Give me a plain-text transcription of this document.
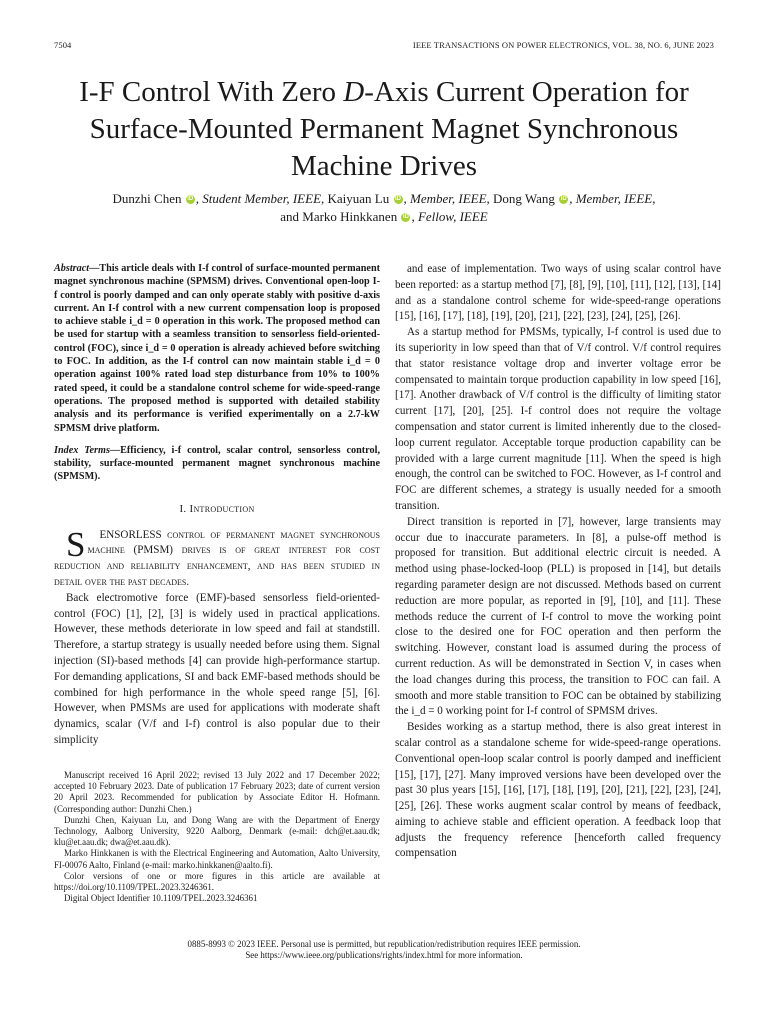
7504	IEEE TRANSACTIONS ON POWER ELECTRONICS, VOL. 38, NO. 6, JUNE 2023
I-F Control With Zero D-Axis Current Operation for
Surface-Mounted Permanent Magnet Synchronous
Machine Drives
Dunzhi Chen iD , Student Member, IEEE, Kaiyuan Lu iD , Member, IEEE, Dong Wang iD , Member, IEEE,
and Marko Hinkkanen iD , Fellow, IEEE
Abstract—This article deals with I-f control of surface-mounted permanent magnet synchronous machine (SPMSM) drives. Conventional open-loop I-f control is poorly damped and can only operate stably with positive d-axis current. An I-f control with a new current compensation loop is proposed to achieve stable i_d = 0 operation in this work. The proposed method can be used for startup with a seamless transition to sensorless field-oriented-control (FOC), since i_d = 0 operation is already achieved before switching to FOC. In addition, as the I-f control can now maintain stable i_d = 0 operation against 100% rated load step disturbance from 10% to 100% rated speed, it could be a standalone control scheme for wide-speed-range operations. The proposed method is supported with detailed stability analysis and its performance is verified experimentally on a 2.7-kW SPMSM drive platform.
Index Terms—Efficiency, i-f control, scalar control, sensorless control, stability, surface-mounted permanent magnet synchronous machine (SPMSM).
I. Introduction

S ENSORLESS control of permanent magnet synchronous machine (PMSM) drives is of great interest for cost reduction and reliability enhancement, and has been studied in detail over the past decades.

Back electromotive force (EMF)-based sensorless field-oriented-control (FOC) [1], [2], [3] is widely used in practical applications. However, these methods deteriorate in low speed and fail at standstill. Therefore, a startup strategy is usually needed before using them. Signal injection (SI)-based methods [4] can provide high-performance startup. For demanding applications, SI and back EMF-based methods should be combined for high performance in the whole speed range [5], [6]. However, when PMSMs are used for applications with moderate shaft dynamics, scalar (V/f and I-f) control is also popular due to their simplicity

and ease of implementation. Two ways of using scalar control have been reported: as a startup method [7], [8], [9], [10], [11], [12], [13], [14] and as a standalone control scheme for wide-speed-range operations [15], [16], [17], [18], [19], [20], [21], [22], [23], [24], [25], [26].

As a startup method for PMSMs, typically, I-f control is used due to its superiority in low speed than that of V/f control. V/f control requires that stator resistance voltage drop and inverter voltage error be compensated to maintain torque production capability in low speed [16], [17]. Another drawback of V/f control is the difficulty of limiting stator current [17], [20], [25]. I-f control does not require the voltage compensation and stator current is limited inherently due to the closed-loop current regulator. Acceptable torque production capability can be provided with a large current magnitude [11]. When the speed is high enough, the control can be switched to FOC. However, as I-f control and FOC are different schemes, a strategy is usually needed for a smooth transition.

Direct transition is reported in [7], however, large transients may occur due to inaccurate parameters. In [8], a pulse-off method is proposed for transition. But additional electric circuit is needed. A method using phase-locked-loop (PLL) is proposed in [14], but details regarding parameter design are not discussed. Methods based on current reduction are more popular, as reported in [9], [10], and [11]. These methods reduce the current of I-f control to move the working point close to the desired one for FOC operation and then perform the switching. However, constant load is assumed during the process of current reduction. As will be demonstrated in Section V, in cases when the load changes during this process, the transition to FOC can fail. A smooth and more stable transition to FOC can be obtained by stabilizing the i_d = 0 working point for I-f control of SPMSM drives.

Besides working as a startup method, there is also great interest in scalar control as a standalone scheme for wide-speed-range operations. Conventional open-loop scalar control is poorly damped and inefficient [15], [17], [27]. Many improved versions have been developed over the past 30 plus years [15], [16], [17], [18], [19], [20], [21], [22], [23], [24], [25], [26]. These works augment scalar control by means of feedback, aiming to achieve stable and efficient operation. A feedback loop that adjusts the frequency reference [henceforth called frequency compensation

Manuscript received 16 April 2022; revised 13 July 2022 and 17 December 2022; accepted 10 February 2023. Date of publication 17 February 2023; date of current version 20 April 2023. Recommended for publication by Associate Editor H. Hofmann. (Corresponding author: Dunzhi Chen.)

Dunzhi Chen, Kaiyuan Lu, and Dong Wang are with the Department of Energy Technology, Aalborg University, 9220 Aalborg, Denmark (e-mail: dch@et.aau.dk; klu@et.aau.dk; dwa@et.aau.dk).

Marko Hinkkanen is with the Electrical Engineering and Automation, Aalto University, FI-00076 Aalto, Finland (e-mail: marko.hinkkanen@aalto.fi).

Color versions of one or more figures in this article are available at https://doi.org/10.1109/TPEL.2023.3246361.

Digital Object Identifier 10.1109/TPEL.2023.3246361

0885-8993 © 2023 IEEE. Personal use is permitted, but republication/redistribution requires IEEE permission.
See https://www.ieee.org/publications/rights/index.html for more information.
